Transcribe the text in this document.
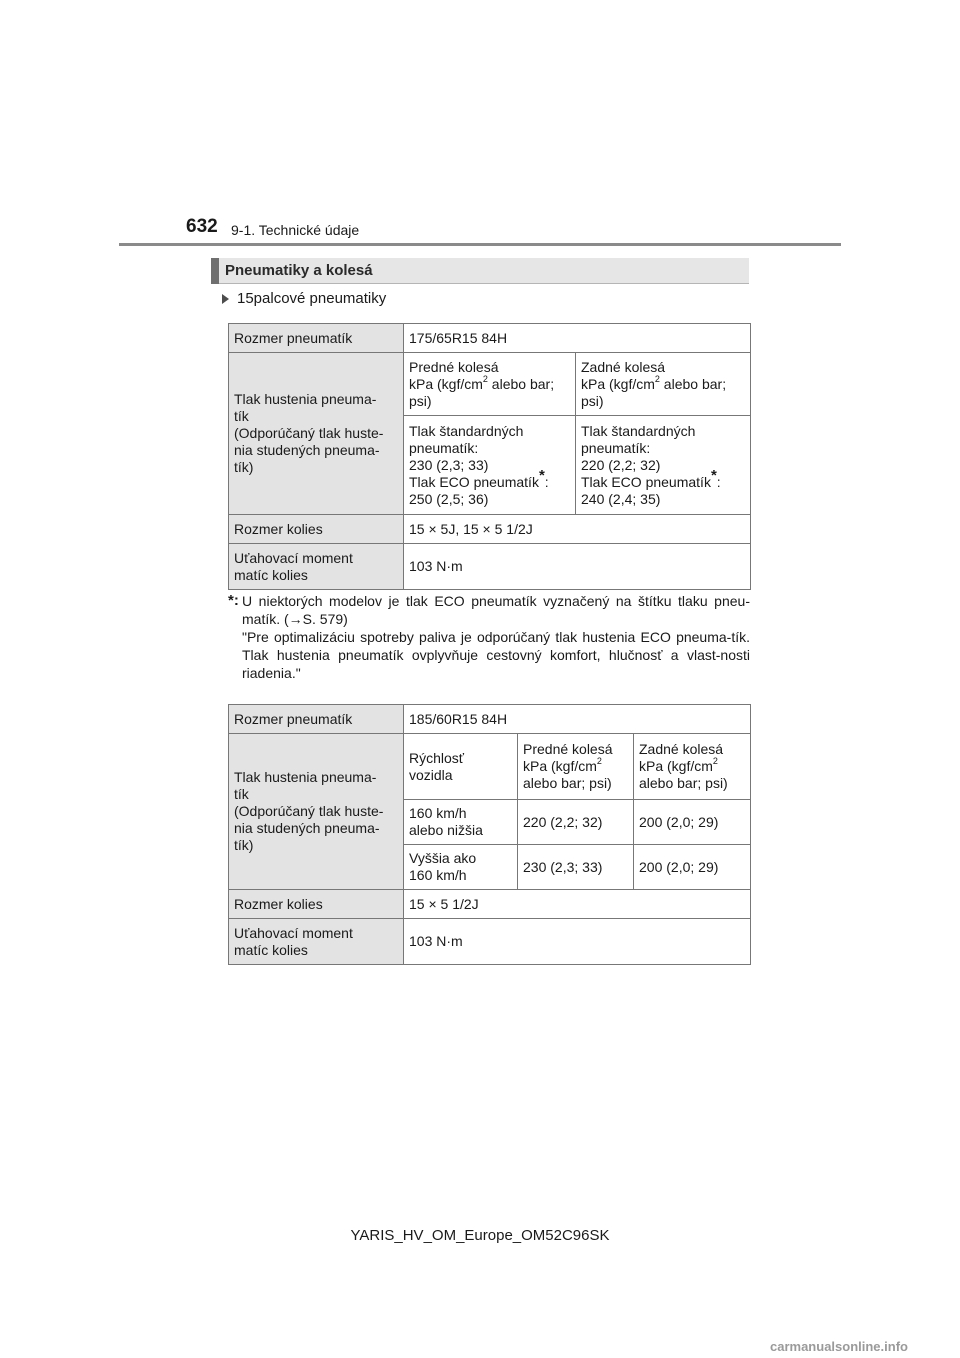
632 9-1. Technické údaje
Pneumatiky a kolesá
15palcové pneumatiky
Rozmer pneumatík	175/65R15 84H	
Tlak hustenia pneuma-
tík
(Odporúčaný tlak huste-
nia studených pneuma-
tík)	Predné kolesá
kPa ($kgf/cm^2$ alebo bar;
psi)	Zadné kolesá
kPa ($kgf/cm^2$ alebo bar;
psi)
	Tlak štandardných
pneumatík:
230 (2,3; 33)
Tlak ECO pneumatík*:
250 (2,5; 36)	Tlak štandardných
pneumatík:
220 (2,2; 32)
Tlak ECO pneumatík*:
240 (2,4; 35)
Rozmer kolies	15 × 5J, 15 × 5 1/2J	
Uťahovací moment
matíc kolies	103 N·m	
*: U niektorých modelov je tlak ECO pneumatík vyznačený na štítku tlaku pneu-matík. (→S. 579)
"Pre optimalizáciu spotreby paliva je odporúčaný tlak hustenia ECO pneuma-tík. Tlak hustenia pneumatík ovplyvňuje cestovný komfort, hlučnosť a vlast-nosti riadenia."
Rozmer pneumatík	185/60R15 84H		
Tlak hustenia pneuma-
tík
(Odporúčaný tlak huste-
nia studených pneuma-
tík)	Rýchlosť
vozidla	Predné kolesá
kPa ($kgf/cm^2$
alebo bar; psi)	Zadné kolesá
kPa ($kgf/cm^2$
alebo bar; psi)
	160 km/h
alebo nižšia	220 (2,2; 32)	200 (2,0; 29)
	Vyššia ako
160 km/h	230 (2,3; 33)	200 (2,0; 29)
Rozmer kolies	15 × 5 1/2J		
Uťahovací moment
matíc kolies	103 N·m		
YARIS_HV_OM_Europe_OM52C96SK
carmanualsonline.info
